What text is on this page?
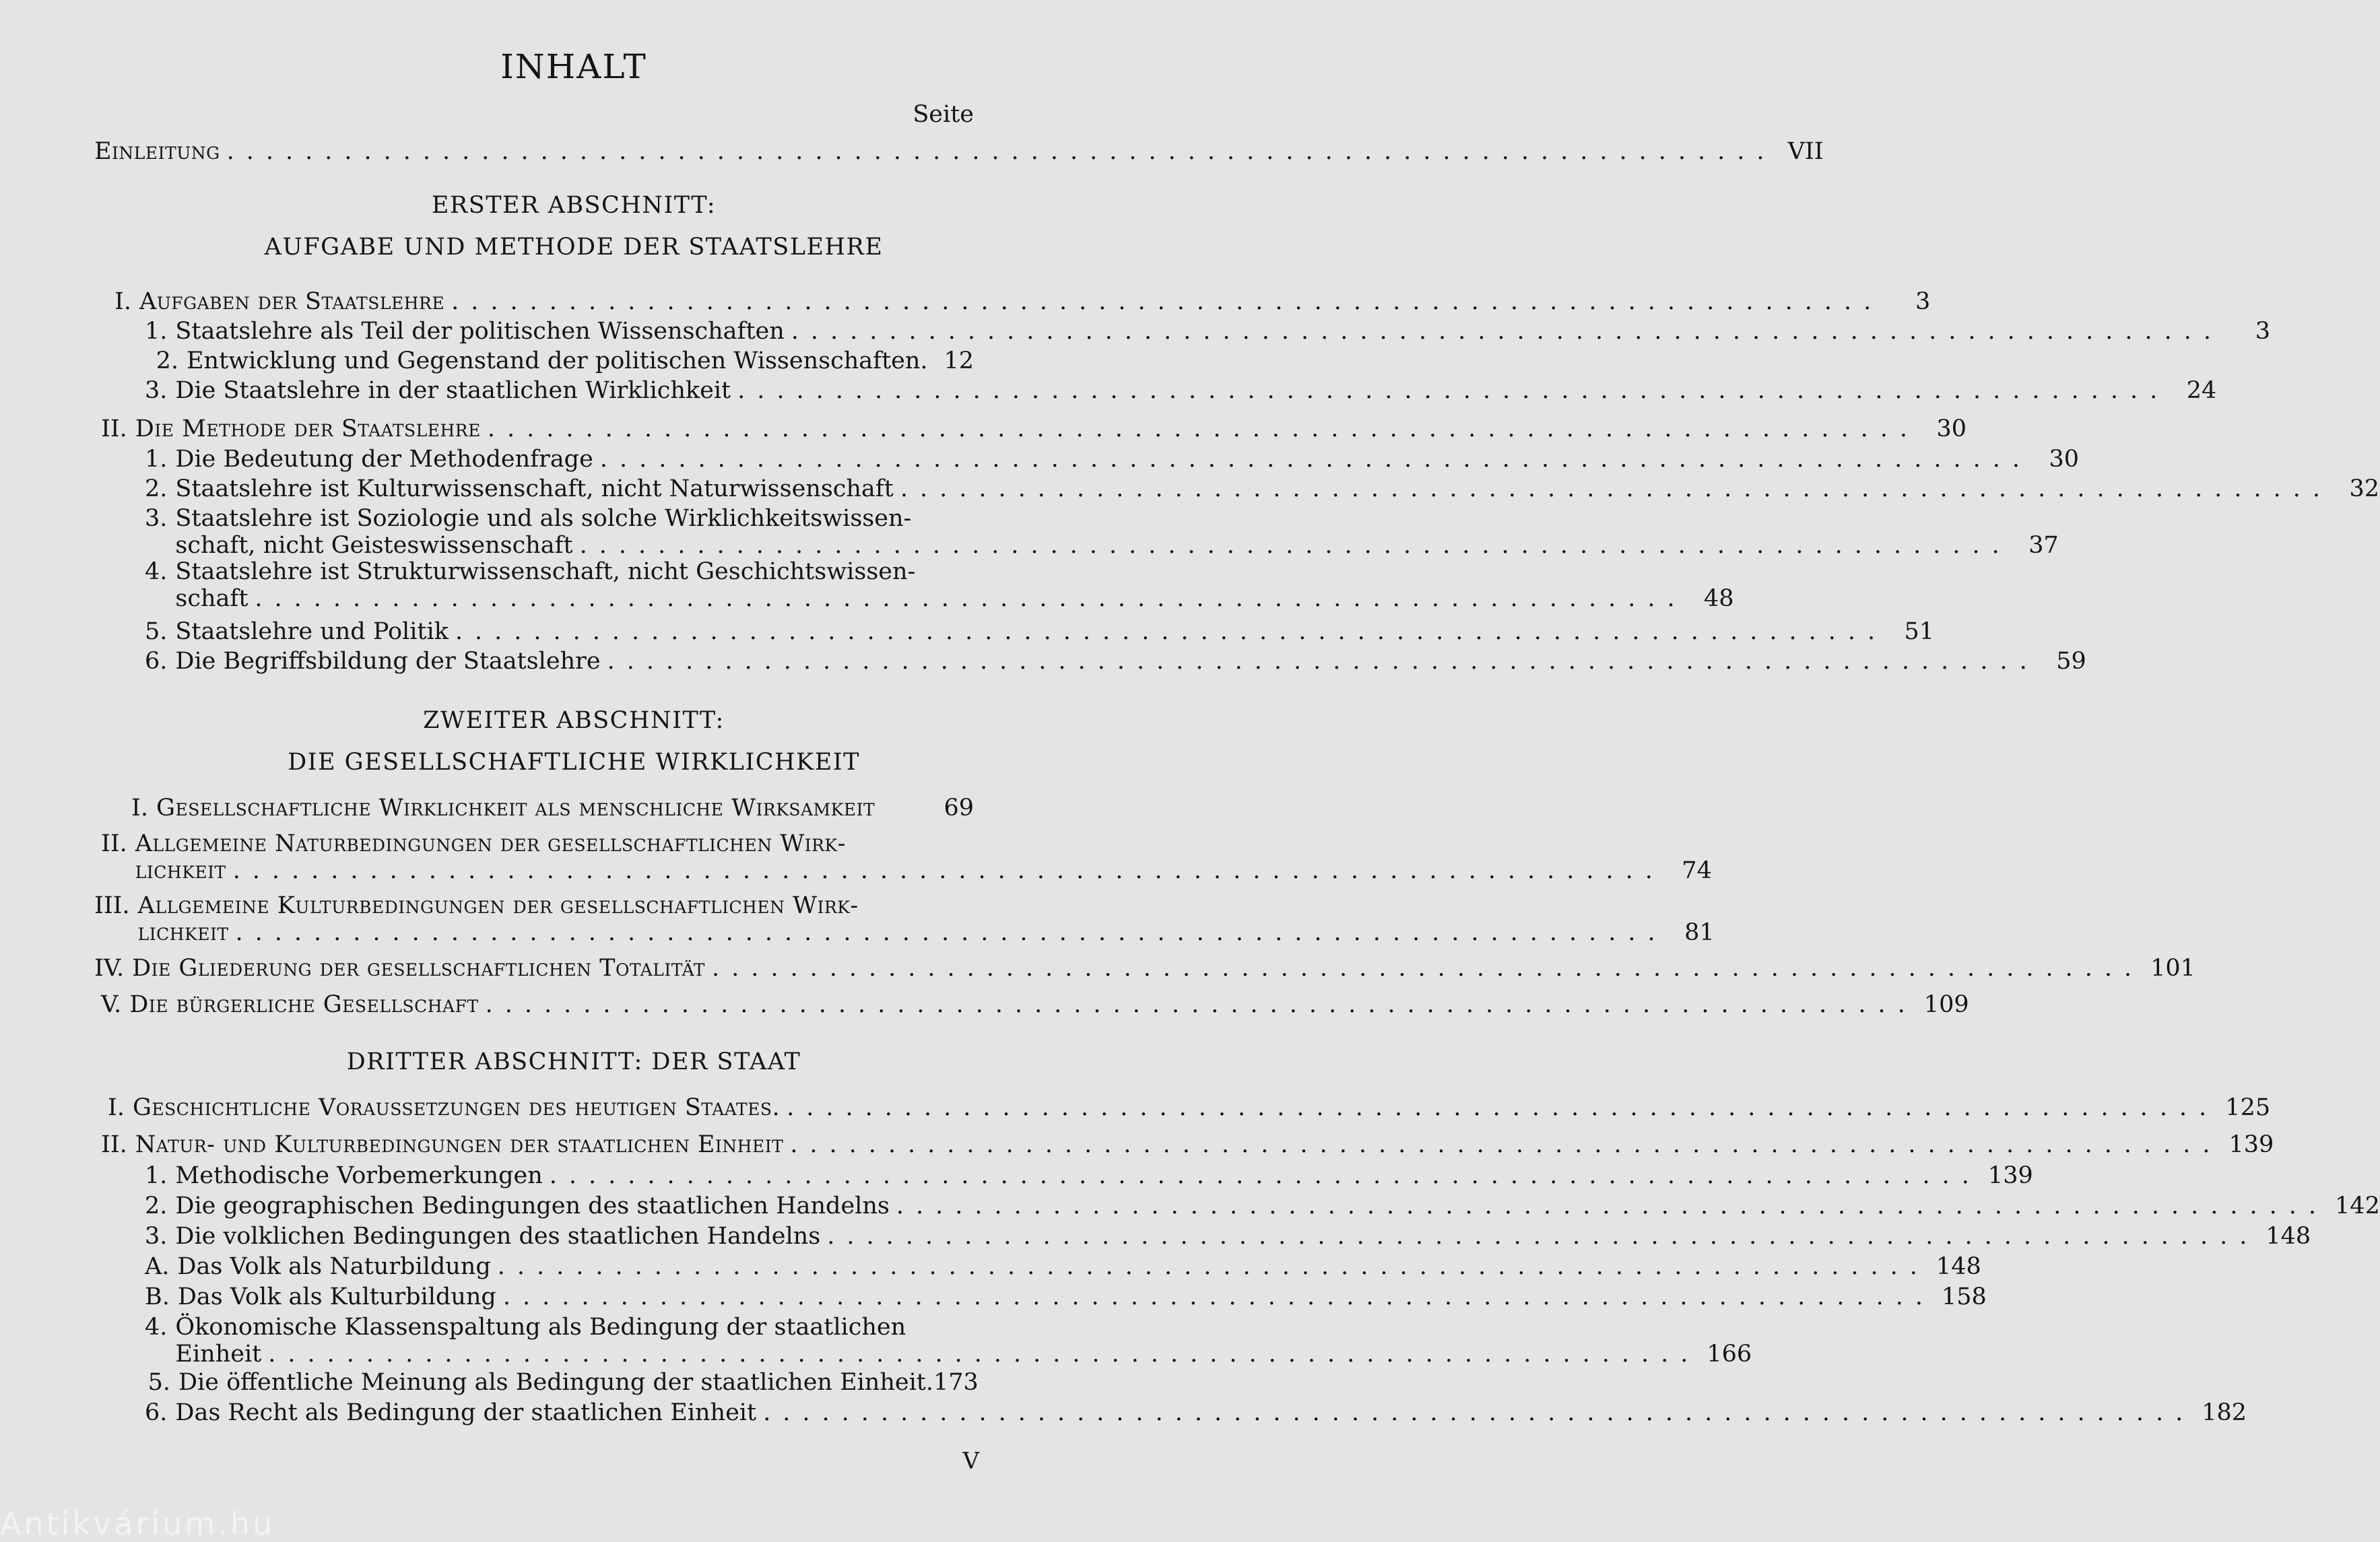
INHALT
Seite
Einleitung ............................................................................... VII
ERSTER ABSCHNITT:
AUFGABE UND METHODE DER STAATSLEHRE
I. Aufgaben der Staatslehre .........................................................................	3
1. Staatslehre als Teil der politischen Wissenschaften .........................................................................	3
2. Entwicklung und Gegenstand der politischen Wissenschaften. 12
3. Die Staatslehre in der staatlichen Wirklichkeit ......................................................................... 24
II. Die Methode der Staatslehre ......................................................................... 30
1. Die Bedeutung der Methodenfrage ......................................................................... 30
2. Staatslehre ist Kulturwissenschaft, nicht Naturwissenschaft ......................................................................... 32
3. Staatslehre ist Soziologie und als solche Wirklichkeitswissen-
schaft, nicht Geisteswissenschaft ......................................................................... 37
4. Staatslehre ist Strukturwissenschaft, nicht Geschichtswissen-
schaft ......................................................................... 48
5. Staatslehre und Politik ......................................................................... 51
6. Die Begriffsbildung der Staatslehre ......................................................................... 59
ZWEITER ABSCHNITT:
DIE GESELLSCHAFTLICHE WIRKLICHKEIT
I. Gesellschaftliche Wirklichkeit als menschliche Wirksamkeit	69
II. Allgemeine Naturbedingungen der gesellschaftlichen Wirk-
lichkeit ......................................................................... 74
III. Allgemeine Kulturbedingungen der gesellschaftlichen Wirk-
lichkeit ......................................................................... 81
IV. Die Gliederung der gesellschaftlichen Totalität ......................................................................... 101
V. Die bürgerliche Gesellschaft ......................................................................... 109
DRITTER ABSCHNITT: DER STAAT
I. Geschichtliche Voraussetzungen des heutigen Staates. ......................................................................... 125
II. Natur- und Kulturbedingungen der staatlichen Einheit ......................................................................... 139
1. Methodische Vorbemerkungen ......................................................................... 139
2. Die geographischen Bedingungen des staatlichen Handelns ......................................................................... 142
3. Die volklichen Bedingungen des staatlichen Handelns ......................................................................... 148
A. Das Volk als Naturbildung ......................................................................... 148
B. Das Volk als Kulturbildung ......................................................................... 158
4. Ökonomische Klassenspaltung als Bedingung der staatlichen
Einheit ......................................................................... 166
5. Die öffentliche Meinung als Bedingung der staatlichen Einheit. 173
6. Das Recht als Bedingung der staatlichen Einheit ......................................................................... 182
V
Antikvárium.hu
